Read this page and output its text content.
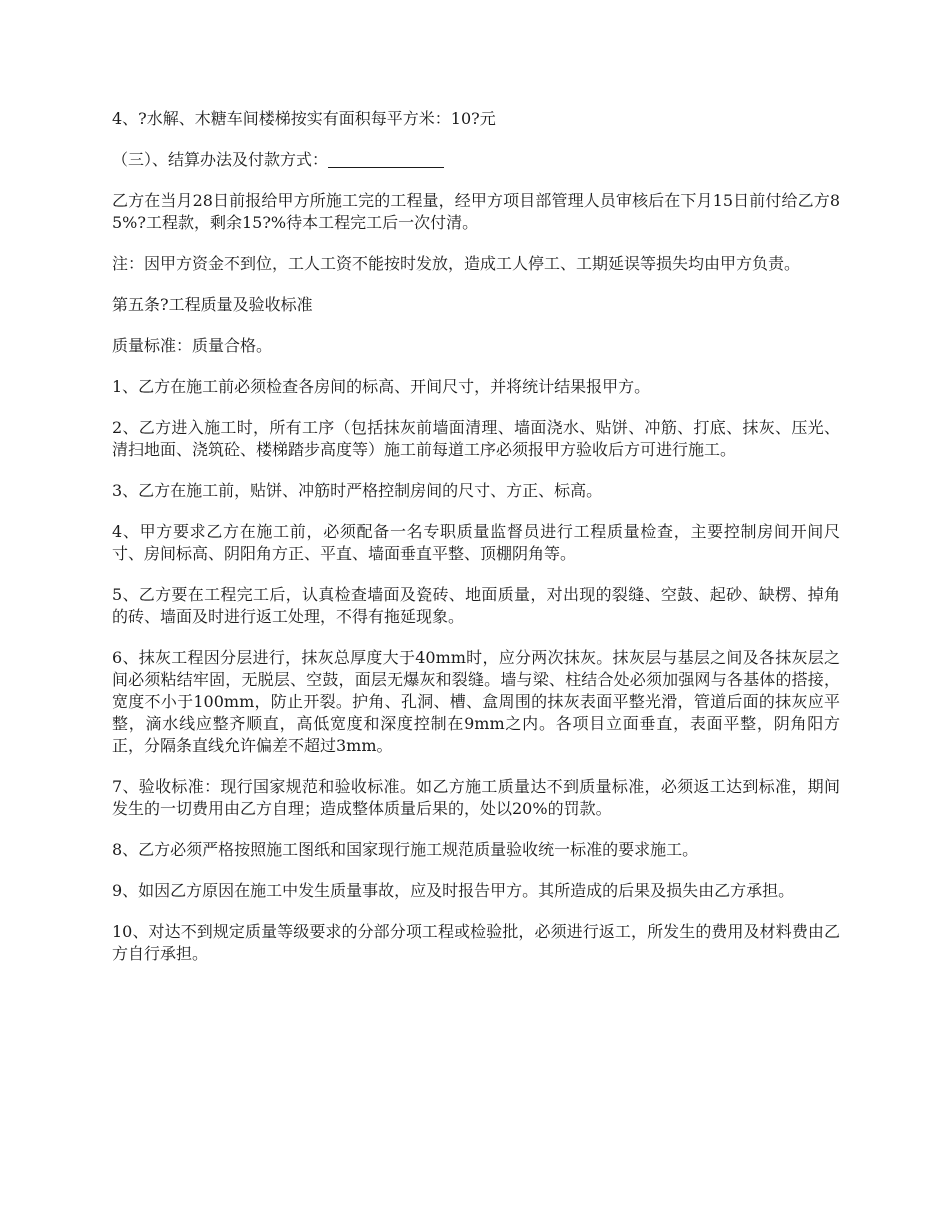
4、?水解、木糖车间楼梯按实有面积每平方米：10?元

（三）、结算办法及付款方式：

乙方在当月28日前报给甲方所施工完的工程量，经甲方项目部管理人员审核后在下月15日前付给乙方85%?工程款，剩余15?%待本工程完工后一次付清。

注：因甲方资金不到位，工人工资不能按时发放，造成工人停工、工期延误等损失均由甲方负责。

第五条?工程质量及验收标准

质量标准：质量合格。

1、乙方在施工前必须检查各房间的标高、开间尺寸，并将统计结果报甲方。

2、乙方进入施工时，所有工序（包括抹灰前墙面清理、墙面浇水、贴饼、冲筋、打底、抹灰、压光、清扫地面、浇筑砼、楼梯踏步高度等）施工前每道工序必须报甲方验收后方可进行施工。

3、乙方在施工前，贴饼、冲筋时严格控制房间的尺寸、方正、标高。

4、甲方要求乙方在施工前，必须配备一名专职质量监督员进行工程质量检查，主要控制房间开间尺寸、房间标高、阴阳角方正、平直、墙面垂直平整、顶棚阴角等。

5、乙方要在工程完工后，认真检查墙面及瓷砖、地面质量，对出现的裂缝、空鼓、起砂、缺楞、掉角的砖、墙面及时进行返工处理，不得有拖延现象。

6、抹灰工程因分层进行，抹灰总厚度大于40mm时，应分两次抹灰。抹灰层与基层之间及各抹灰层之间必须粘结牢固，无脱层、空鼓，面层无爆灰和裂缝。墙与梁、柱结合处必须加强网与各基体的搭接，宽度不小于100mm，防止开裂。护角、孔洞、槽、盒周围的抹灰表面平整光滑，管道后面的抹灰应平整，滴水线应整齐顺直，高低宽度和深度控制在9mm之内。各项目立面垂直，表面平整，阴角阳方正，分隔条直线允许偏差不超过3mm。

7、验收标准：现行国家规范和验收标准。如乙方施工质量达不到质量标准，必须返工达到标准，期间发生的一切费用由乙方自理；造成整体质量后果的，处以20%的罚款。

8、乙方必须严格按照施工图纸和国家现行施工规范质量验收统一标准的要求施工。

9、如因乙方原因在施工中发生质量事故，应及时报告甲方。其所造成的后果及损失由乙方承担。

10、对达不到规定质量等级要求的分部分项工程或检验批，必须进行返工，所发生的费用及材料费由乙方自行承担。
